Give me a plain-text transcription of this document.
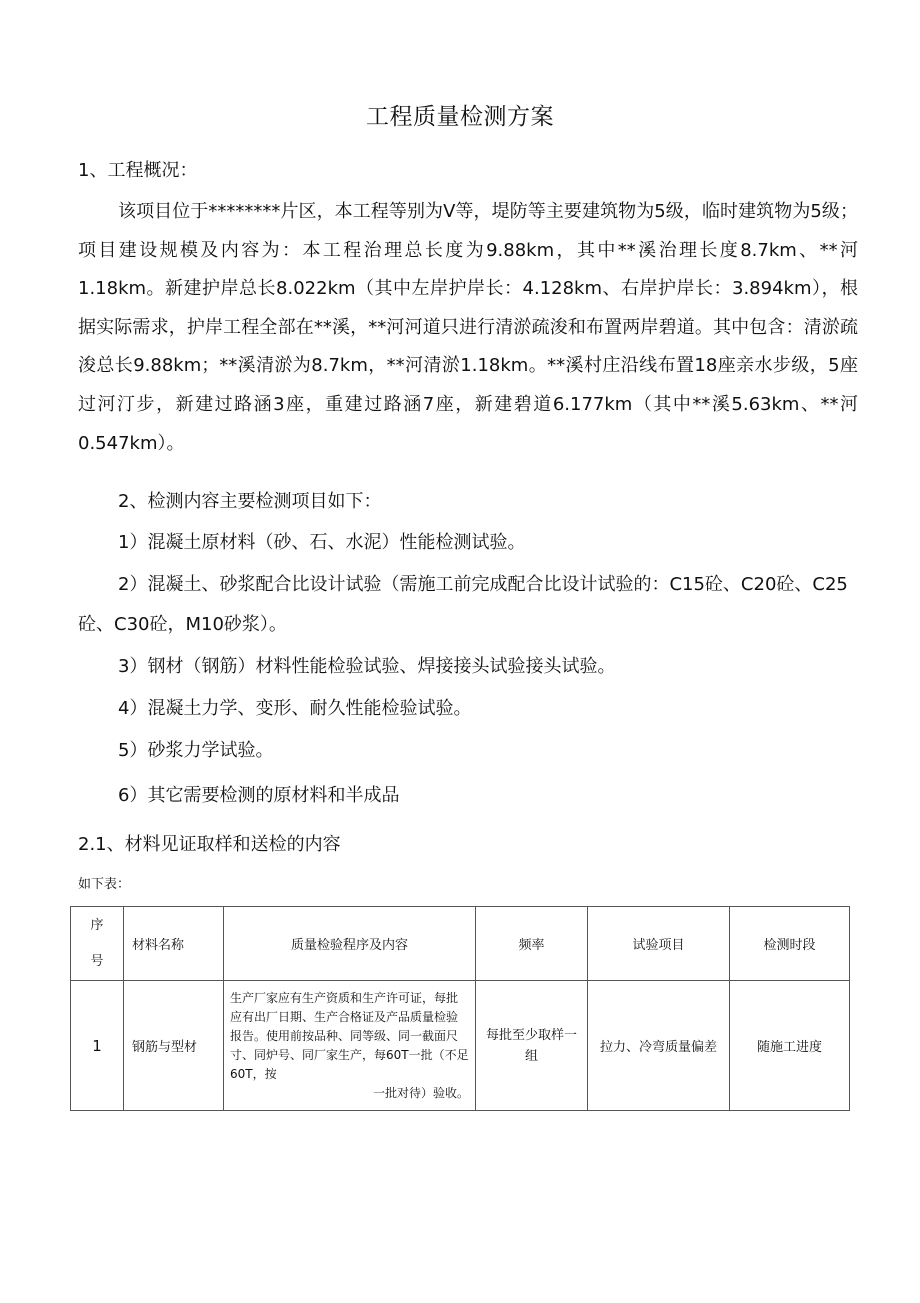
工程质量检测方案
1、工程概况：
该项目位于********片区，本工程等别为V等，堤防等主要建筑物为5级，临时建筑物为5级；项目建设规模及内容为：本工程治理总长度为9.88km，其中**溪治理长度8.7km、**河1.18km。新建护岸总长8.022km（其中左岸护岸长：4.128km、右岸护岸长：3.894km），根据实际需求，护岸工程全部在**溪，**河河道只进行清淤疏浚和布置两岸碧道。其中包含：清淤疏浚总长9.88km；**溪清淤为8.7km，**河清淤1.18km。**溪村庄沿线布置18座亲水步级，5座过河汀步，新建过路涵3座，重建过路涵7座，新建碧道6.177km（其中**溪5.63km、**河0.547km）。
2、检测内容主要检测项目如下：
1）混凝土原材料（砂、石、水泥）性能检测试验。
2）混凝土、砂浆配合比设计试验（需施工前完成配合比设计试验的：C15砼、C20砼、C25砼、C30砼，M10砂浆）。
3）钢材（钢筋）材料性能检验试验、焊接接头试验接头试验。
4）混凝土力学、变形、耐久性能检验试验。
5）砂浆力学试验。
6）其它需要检测的原材料和半成品
2.1、材料见证取样和送检的内容
如下表：
序
号	材料名称	质量检验程序及内容	频率	试验项目	检测时段
1	钢筋与型材	生产厂家应有生产资质和生产许可证，每批应有出厂日期、生产合格证及产品质量检验报告。使用前按品种、同等级、同一截面尺寸、同炉号、同厂家生产，每60T一批（不足60T，按
一批对待）验收。	每批至少取样一组	拉力、冷弯质量偏差	随施工进度
